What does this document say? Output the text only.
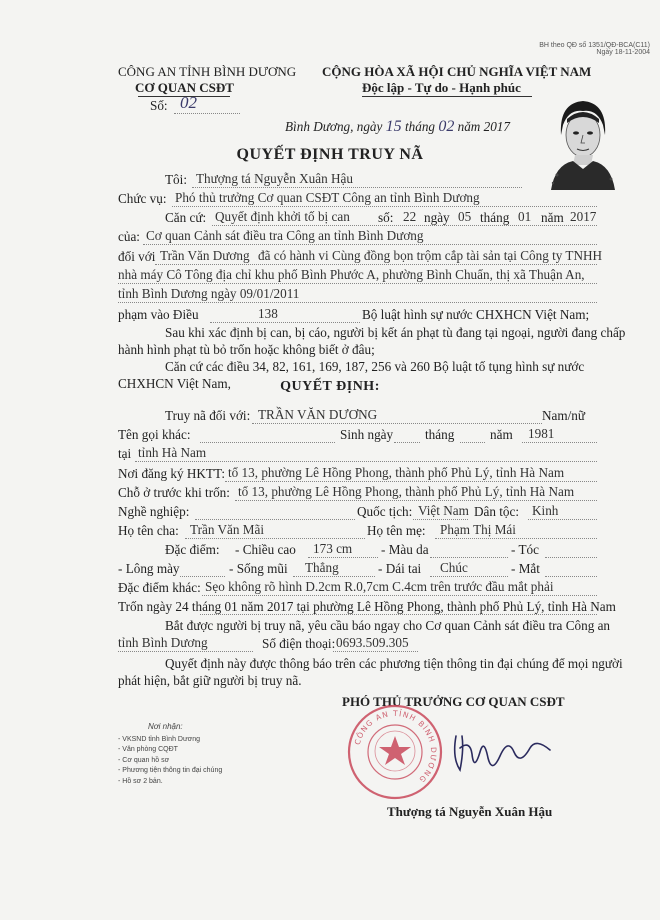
BH theo QĐ số 1351/QĐ-BCA(C11)
Ngày 18-11-2004
CÔNG AN TỈNH BÌNH DƯƠNG
CƠ QUAN CSĐT
Số: 02
CỘNG HÒA XÃ HỘI CHỦ NGHĨA VIỆT NAM
Độc lập - Tự do - Hạnh phúc
Bình Dương, ngày 15 tháng 02 năm 2017
QUYẾT ĐỊNH TRUY NÃ
Tôi: Thượng tá Nguyễn Xuân Hậu
Chức vụ: Phó thủ trưởng Cơ quan CSĐT Công an tỉnh Bình Dương
Căn cứ: Quyết định khởi tố bị can số: 22 ngày 05 tháng 01 năm 2017
của: Cơ quan Cảnh sát điều tra Công an tỉnh Bình Dương
đối với Trần Văn Dương đã có hành vi Cùng đồng bọn trộm cắp tài sản tại Công ty TNHH
nhà máy Cô Tông địa chỉ khu phố Bình Phước A, phường Bình Chuẩn, thị xã Thuận An,
tỉnh Bình Dương ngày 09/01/2011
phạm vào Điều	138	Bộ luật hình sự nước CHXHCN Việt Nam;
Sau khi xác định bị can, bị cáo, người bị kết án phạt tù đang tại ngoại, người đang chấp
hành hình phạt tù bỏ trốn hoặc không biết ở đâu;
Căn cứ các điều 34, 82, 161, 169, 187, 256 và 260 Bộ luật tố tụng hình sự nước
CHXHCN Việt Nam,	QUYẾT ĐỊNH:
Truy nã đối với: TRẦN VĂN DƯƠNG	Nam/nữ
Tên gọi khác:	Sinh ngày tháng	năm 1981
tại tỉnh Hà Nam
Nơi đăng ký HKTT: tổ 13, phường Lê Hồng Phong, thành phố Phủ Lý, tỉnh Hà Nam
Chỗ ở trước khi trốn: tổ 13, phường Lê Hồng Phong, thành phố Phủ Lý, tỉnh Hà Nam
Nghề nghiệp:	Quốc tịch: Việt Nam Dân tộc: Kinh
Họ tên cha: Trần Văn Mãi	Họ tên mẹ: Phạm Thị Mái
Đặc điểm: - Chiều cao 173 cm - Màu da	- Tóc
- Lông mày	- Sống mũi Thẳng	- Dái tai Chúc	- Mắt
Đặc điểm khác: Sẹo không rõ hình D.2cm R.0,7cm C.4cm trên trước đầu mắt phải
Trốn ngày 24 tháng 01 năm 2017 tại phường Lê Hồng Phong, thành phố Phủ Lý, tỉnh Hà Nam
Bắt được người bị truy nã, yêu cầu báo ngay cho Cơ quan Cảnh sát điều tra Công an
tỉnh Bình Dương	Số điện thoại: 0693.509.305
Quyết định này được thông báo trên các phương tiện thông tin đại chúng để mọi người
phát hiện, bắt giữ người bị truy nã.
PHÓ THỦ TRƯỞNG CƠ QUAN CSĐT
CÔNG AN TỈNH BÌNH DƯƠNG
Thượng tá Nguyễn Xuân Hậu
Nơi nhận:
- VKSND tỉnh Bình Dương
- Văn phòng CQĐT
- Cơ quan hồ sơ
- Phương tiện thông tin đại chúng
- Hồ sơ 2 bản.
